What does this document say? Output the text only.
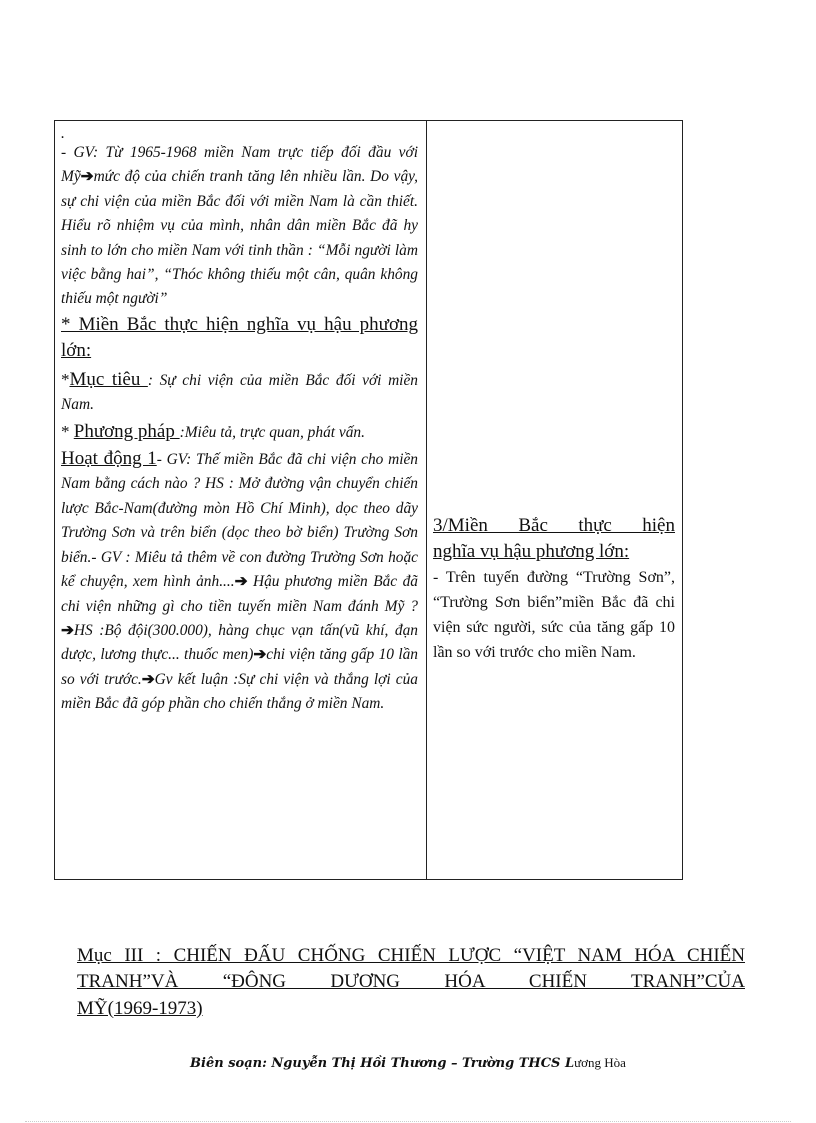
.

- GV: Từ 1965-1968 miền Nam trực tiếp đối đầu với Mỹ➔mức độ của chiến tranh tăng lên nhiều lần. Do vậy, sự chi viện của miền Bắc đối với miền Nam là cần thiết. Hiểu rõ nhiệm vụ của mình, nhân dân miền Bắc đã hy sinh to lớn cho miền Nam với tinh thần : “Mỗi người làm việc bằng hai”, “Thóc không thiếu một cân, quân không thiếu một người”

* Miền Bắc thực hiện nghĩa vụ hậu phương lớn:

*Mục tiêu : Sự chi viện của miền Bắc đối với miền Nam.

* Phương pháp :Miêu tả, trực quan, phát vấn.

Hoạt động 1- GV: Thế miền Bắc đã chi viện cho miền Nam bằng cách nào ? HS : Mở đường vận chuyển chiến lược Bắc-Nam(đường mòn Hồ Chí Minh), dọc theo dãy Trường Sơn và trên biển (dọc theo bờ biển) Trường Sơn biển.- GV : Miêu tả thêm về con đường Trường Sơn hoặc kể chuyện, xem hình ảnh....➔ Hậu phương miền Bắc đã chi viện những gì cho tiền tuyến miền Nam đánh Mỹ ?➔HS :Bộ đội(300.000), hàng chục vạn tấn(vũ khí, đạn dược, lương thực... thuốc men)➔chi viện tăng gấp 10 lần so với trước.➔Gv kết luận :Sự chi viện và thắng lợi của miền Bắc đã góp phần cho chiến thắng ở miền Nam.

3/Miền Bắc thực hiện

nghĩa vụ hậu phương lớn:

- Trên tuyến đường “Trường Sơn”, “Trường Sơn biển”miền Bắc đã chi viện sức người, sức của tăng gấp 10 lần so với trước cho miền Nam.

Mục III : CHIẾN ĐẤU CHỐNG CHIẾN LƯỢC “VIỆT NAM HÓA CHIẾN TRANH”VÀ “ĐÔNG DƯƠNG HÓA CHIẾN TRANH”CỦA

MỸ(1969-1973)

Biên soạn: Nguyễn Thị Hồi Thương – Trường THCS Lương Hòa
